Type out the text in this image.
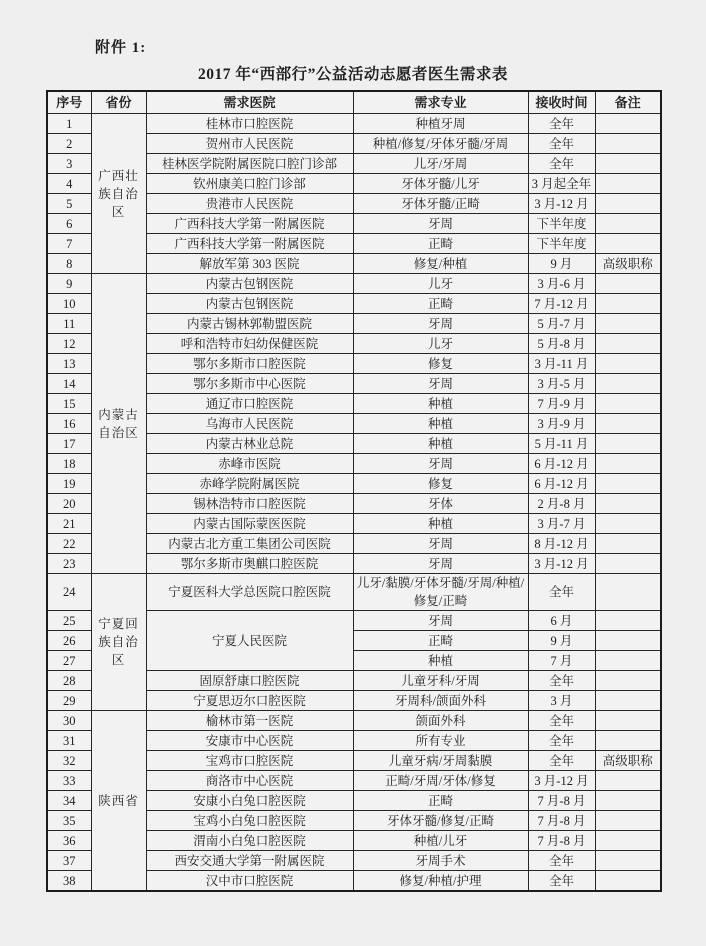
附件 1:
2017 年“西部行”公益活动志愿者医生需求表
序号	省份	需求医院	需求专业	接收时间	备注
1	广西壮族自治区	桂林市口腔医院	种植牙周	全年	
2		贺州市人民医院	种植/修复/牙体牙髓/牙周	全年	
3		桂林医学院附属医院口腔门诊部	儿牙/牙周	全年	
4		钦州康美口腔门诊部	牙体牙髓/儿牙	3 月起全年	
5		贵港市人民医院	牙体牙髓/正畸	3 月-12 月	
6		广西科技大学第一附属医院	牙周	下半年度	
7		广西科技大学第一附属医院	正畸	下半年度	
8		解放军第 303 医院	修复/种植	9 月	高级职称
9	内蒙古自治区	内蒙古包钢医院	儿牙	3 月-6 月	
10		内蒙古包钢医院	正畸	7 月-12 月	
11		内蒙古锡林郭勒盟医院	牙周	5 月-7 月	
12		呼和浩特市妇幼保健医院	儿牙	5 月-8 月	
13		鄂尔多斯市口腔医院	修复	3 月-11 月	
14		鄂尔多斯市中心医院	牙周	3 月-5 月	
15		通辽市口腔医院	种植	7 月-9 月	
16		乌海市人民医院	种植	3 月-9 月	
17		内蒙古林业总院	种植	5 月-11 月	
18		赤峰市医院	牙周	6 月-12 月	
19		赤峰学院附属医院	修复	6 月-12 月	
20		锡林浩特市口腔医院	牙体	2 月-8 月	
21		内蒙古国际蒙医医院	种植	3 月-7 月	
22		内蒙古北方重工集团公司医院	牙周	8 月-12 月	
23		鄂尔多斯市奥麒口腔医院	牙周	3 月-12 月	
24	宁夏回族自治区	宁夏医科大学总医院口腔医院	儿牙/黏膜/牙体牙髓/牙周/种植/修复/正畸	全年	
25		宁夏人民医院	牙周	6 月	
26			正畸	9 月	
27			种植	7 月	
28		固原舒康口腔医院	儿童牙科/牙周	全年	
29		宁夏思迈尔口腔医院	牙周科/颌面外科	3 月	
30	陕西省	榆林市第一医院	颌面外科	全年	
31		安康市中心医院	所有专业	全年	
32		宝鸡市口腔医院	儿童牙病/牙周黏膜	全年	高级职称
33		商洛市中心医院	正畸/牙周/牙体/修复	3 月-12 月	
34		安康小白兔口腔医院	正畸	7 月-8 月	
35		宝鸡小白兔口腔医院	牙体牙髓/修复/正畸	7 月-8 月	
36		渭南小白兔口腔医院	种植/儿牙	7 月-8 月	
37		西安交通大学第一附属医院	牙周手术	全年	
38		汉中市口腔医院	修复/种植/护理	全年	
